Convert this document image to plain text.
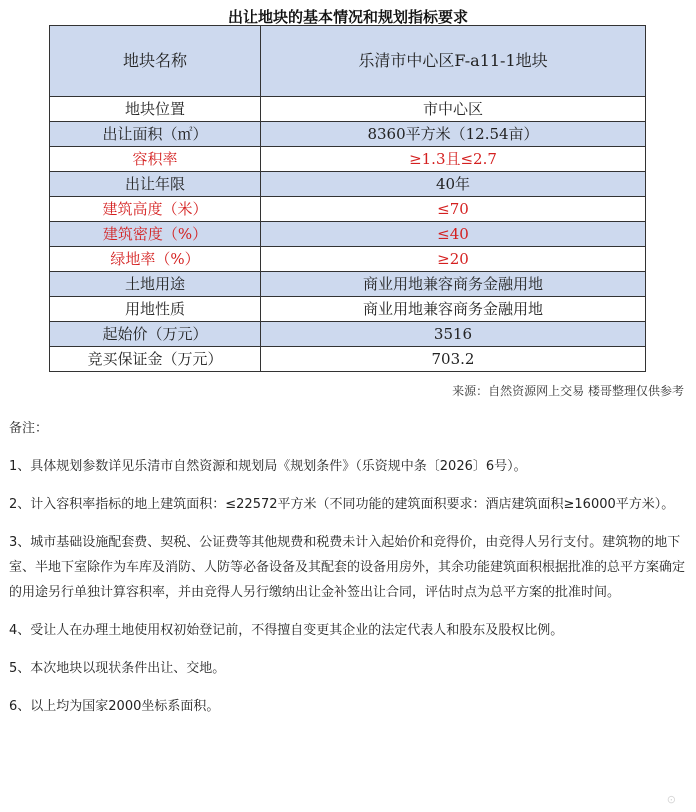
出让地块的基本情况和规划指标要求
地块名称	乐清市中心区F-a11-1地块
地块位置	市中心区
出让面积（㎡）	8360平方米（12.54亩）
容积率	≥1.3且≤2.7
出让年限	40年
建筑高度（米）	≤70
建筑密度（%）	≤40
绿地率（%）	≥20
土地用途	商业用地兼容商务金融用地
用地性质	商业用地兼容商务金融用地
起始价（万元）	3516
竞买保证金（万元）	703.2
来源：自然资源网上交易 楼哥整理仅供参考

备注：

1、具体规划参数详见乐清市自然资源和规划局《规划条件》（乐资规中条〔2026〕6号）。

2、计入容积率指标的地上建筑面积：≤22572平方米（不同功能的建筑面积要求：酒店建筑面积≥16000平方米）。

3、城市基础设施配套费、契税、公证费等其他规费和税费未计入起始价和竞得价，由竞得人另行支付。建筑物的地下室、半地下室除作为车库及消防、人防等必备设备及其配套的设备用房外，其余功能建筑面积根据批准的总平方案确定的用途另行单独计算容积率，并由竞得人另行缴纳出让金补签出让合同，评估时点为总平方案的批准时间。

4、受让人在办理土地使用权初始登记前，不得擅自变更其企业的法定代表人和股东及股权比例。

5、本次地块以现状条件出让、交地。

6、以上均为国家2000坐标系面积。

⊙
